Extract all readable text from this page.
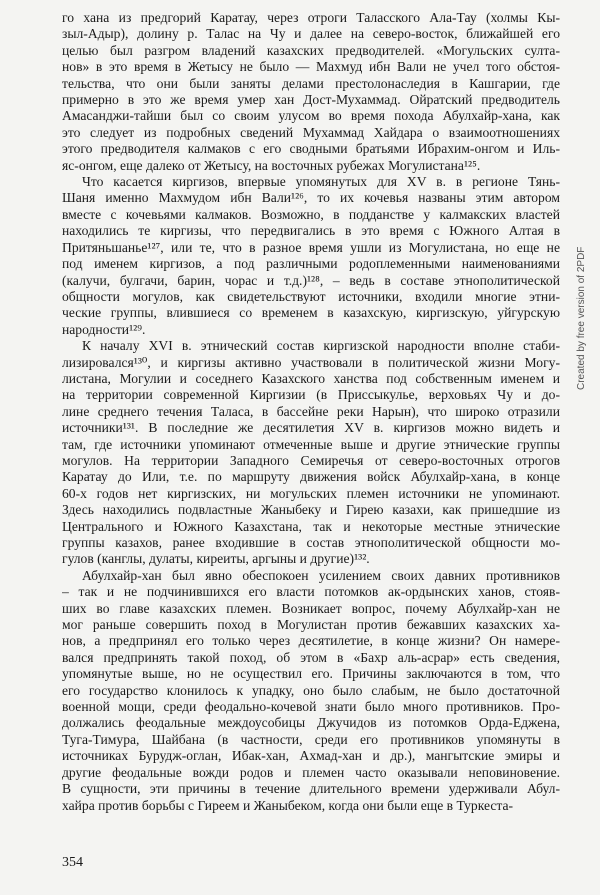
го хана из предгорий Каратау, через отроги Таласского Ала-Тау (холмы Кы-
зыл-Адыр), долину р. Талас на Чу и далее на северо-восток, ближайшей его
целью был разгром владений казахских предводителей. «Могульских султа-
нов» в это время в Жетысу не было — Махмуд ибн Вали не учел того обстоя-
тельства, что они были заняты делами престолонаследия в Кашгарии, где
примерно в это же время умер хан Дост-Мухаммад. Ойратский предводитель
Амасанджи-тайши был со своим улусом во время похода Абулхайр-хана, как
это следует из подробных сведений Мухаммад Хайдара о взаимоотношениях
этого предводителя калмаков с его сводными братьями Ибрахим-онгом и Иль-
яс-онгом, еще далеко от Жетысу, на восточных рубежах Могулистана¹²⁵.
Что касается киргизов, впервые упомянутых для XV в. в регионе Тянь-
Шаня именно Махмудом ибн Вали¹²⁶, то их кочевья названы этим автором
вместе с кочевьями калмаков. Возможно, в подданстве у калмакских властей
находились те киргизы, что передвигались в это время с Южного Алтая в
Притяньшанье¹²⁷, или те, что в разное время ушли из Могулистана, но еще не
под именем киргизов, а под различными родоплеменными наименованиями
(калучи, булгачи, барин, чорас и т.д.)¹²⁸, – ведь в составе этнополитической
общности могулов, как свидетельствуют источники, входили многие этни-
ческие группы, влившиеся со временем в казахскую, киргизскую, уйгурскую
народности¹²⁹.
К началу XVI в. этнический состав киргизской народности вполне стаби-
лизировался¹³⁰, и киргизы активно участвовали в политической жизни Могу-
листана, Могулии и соседнего Казахского ханства под собственным именем и
на территории современной Киргизии (в Приссыкулье, верховьях Чу и до-
лине среднего течения Таласа, в бассейне реки Нарын), что широко отразили
источники¹³¹. В последние же десятилетия XV в. киргизов можно видеть и
там, где источники упоминают отмеченные выше и другие этнические группы
могулов. На территории Западного Семиречья от северо-восточных отрогов
Каратау до Или, т.е. по маршруту движения войск Абулхайр-хана, в конце
60-х годов нет киргизских, ни могульских племен источники не упоминают.
Здесь находились подвластные Жаныбеку и Гирею казахи, как пришедшие из
Центрального и Южного Казахстана, так и некоторые местные этнические
группы казахов, ранее входившие в состав этнополитической общности мо-
гулов (канглы, дулаты, киреиты, аргыны и другие)¹³².
Абулхайр-хан был явно обеспокоен усилением своих давних противников
– так и не подчинившихся его власти потомков ак-ордынских ханов, стояв-
ших во главе казахских племен. Возникает вопрос, почему Абулхайр-хан не
мог раньше совершить поход в Могулистан против бежавших казахских ха-
нов, а предпринял его только через десятилетие, в конце жизни? Он намере-
вался предпринять такой поход, об этом в «Бахр аль-асрар» есть сведения,
упомянутые выше, но не осуществил его. Причины заключаются в том, что
его государство клонилось к упадку, оно было слабым, не было достаточной
военной мощи, среди феодально-кочевой знати было много противников. Про-
должались феодальные междоусобицы Джучидов из потомков Орда-Еджена,
Туга-Тимура, Шайбана (в частности, среди его противников упомянуты в
источниках Бурудж-оглан, Ибак-хан, Ахмад-хан и др.), мангытские эмиры и
другие феодальные вожди родов и племен часто оказывали неповиновение.
В сущности, эти причины в течение длительного времени удерживали Абул-
хайра против борьбы с Гиреем и Жаныбеком, когда они были еще в Туркеста-
354
Created by free version of 2PDF
